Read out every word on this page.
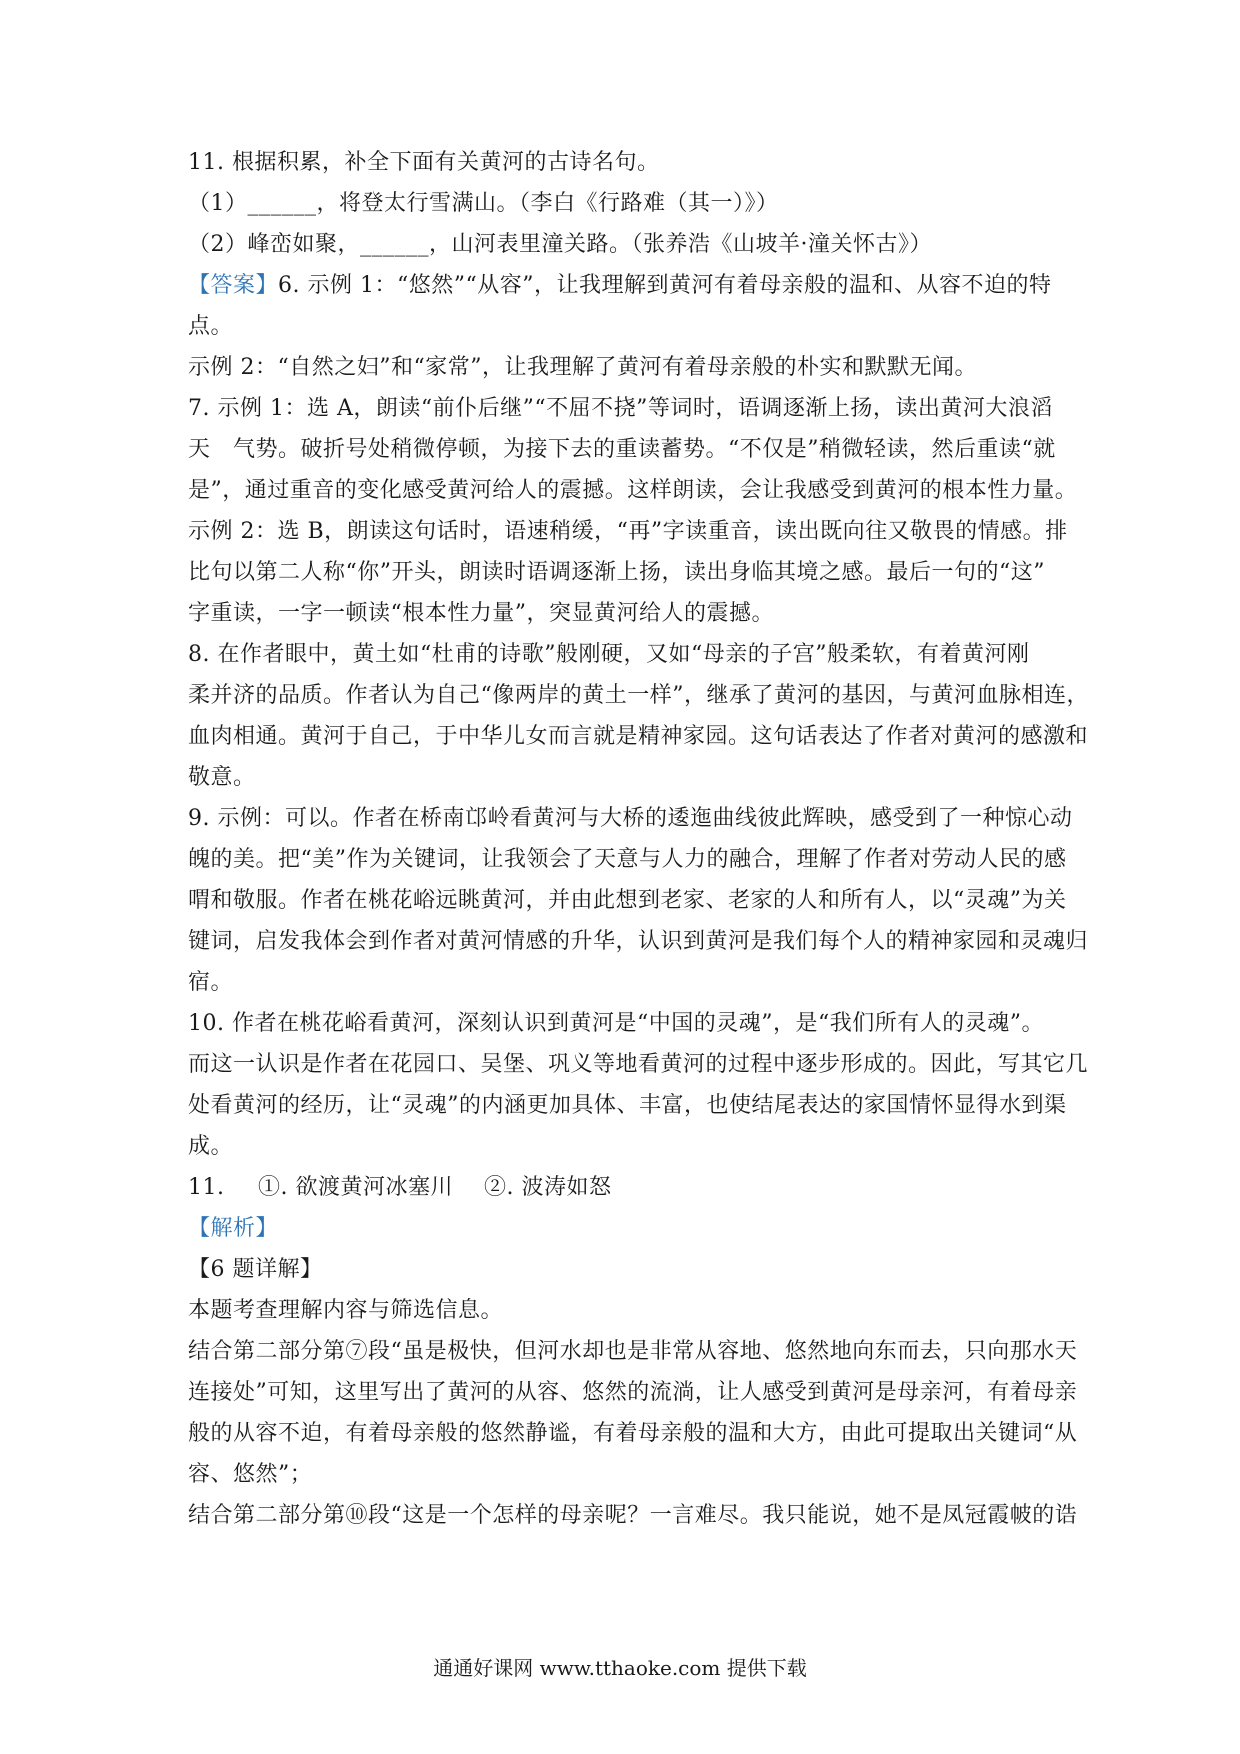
11. 根据积累，补全下面有关黄河的古诗名句。
（1）______，将登太行雪满山。（李白《行路难（其一）》）
（2）峰峦如聚，______，山河表里潼关路。（张养浩《山坡羊·潼关怀古》）
【答案】6. 示例 1：“悠然”“从容”，让我理解到黄河有着母亲般的温和、从容不迫的特
点。
示例 2：“自然之妇”和“家常”，让我理解了黄河有着母亲般的朴实和默默无闻。
7. 示例 1：选 A，朗读“前仆后继”“不屈不挠”等词时，语调逐渐上扬，读出黄河大浪滔
天　气势。破折号处稍微停顿，为接下去的重读蓄势。“不仅是”稍微轻读，然后重读“就
是”，通过重音的变化感受黄河给人的震撼。这样朗读，会让我感受到黄河的根本性力量。
示例 2：选 B，朗读这句话时，语速稍缓，“再”字读重音，读出既向往又敬畏的情感。排
比句以第二人称“你”开头，朗读时语调逐渐上扬，读出身临其境之感。最后一句的“这”
字重读，一字一顿读“根本性力量”，突显黄河给人的震撼。
8. 在作者眼中，黄土如“杜甫的诗歌”般刚硬，又如“母亲的子宫”般柔软，有着黄河刚
柔并济的品质。作者认为自己“像两岸的黄土一样”，继承了黄河的基因，与黄河血脉相连，
血肉相通。黄河于自己，于中华儿女而言就是精神家园。这句话表达了作者对黄河的感激和
敬意。
9. 示例：可以。作者在桥南邙岭看黄河与大桥的逶迤曲线彼此辉映，感受到了一种惊心动
魄的美。把“美”作为关键词，让我领会了天意与人力的融合，理解了作者对劳动人民的感
喟和敬服。作者在桃花峪远眺黄河，并由此想到老家、老家的人和所有人，以“灵魂”为关
键词，启发我体会到作者对黄河情感的升华，认识到黄河是我们每个人的精神家园和灵魂归
宿。
10. 作者在桃花峪看黄河，深刻认识到黄河是“中国的灵魂”，是“我们所有人的灵魂”。
而这一认识是作者在花园口、吴堡、巩义等地看黄河的过程中逐步形成的。因此，写其它几
处看黄河的经历，让“灵魂”的内涵更加具体、丰富，也使结尾表达的家国情怀显得水到渠
成。
11.	①. 欲渡黄河冰塞川	②. 波涛如怒
【解析】
【6 题详解】
本题考查理解内容与筛选信息。
结合第二部分第⑦段“虽是极快，但河水却也是非常从容地、悠然地向东而去，只向那水天
连接处”可知，这里写出了黄河的从容、悠然的流淌，让人感受到黄河是母亲河，有着母亲
般的从容不迫，有着母亲般的悠然静谧，有着母亲般的温和大方，由此可提取出关键词“从
容、悠然”；
结合第二部分第⑩段“这是一个怎样的母亲呢？一言难尽。我只能说，她不是凤冠霞帔的诰
通通好课网 www.tthaoke.com 提供下载
